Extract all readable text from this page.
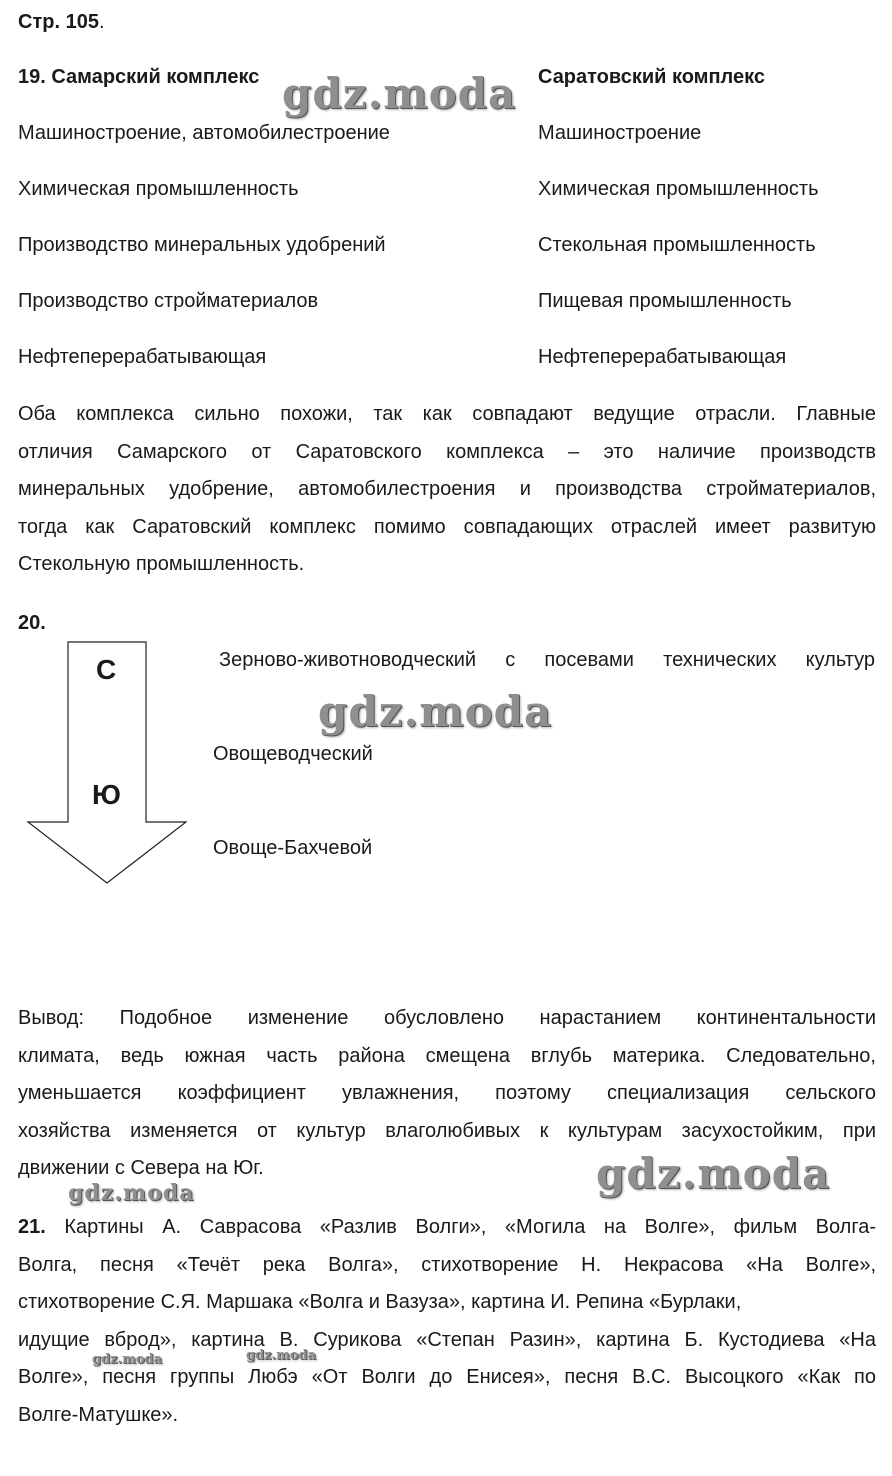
Стр. 105.
19. Самарский комплекс	Саратовский комплекс
Машиностроение, автомобилестроение
Химическая промышленность
Производство минеральных удобрений
Производство стройматериалов
Нефтеперерабатывающая
Машиностроение
Химическая промышленность
Стекольная промышленность
Пищевая промышленность
Нефтеперерабатывающая
Оба комплекса сильно похожи, так как совпадают ведущие отрасли. Главные
отличия Самарского от Саратовского комплекса – это наличие производств
минеральных удобрение, автомобилестроения и производства стройматериалов,
тогда как Саратовский комплекс помимо совпадающих отраслей имеет развитую
Стекольную промышленность.
20.
С
Ю
Зерново-животноводческий с посевами технических культур
Овощеводческий
Овоще-Бахчевой
Вывод: Подобное изменение обусловлено нарастанием континентальности
климата, ведь южная часть района смещена вглубь материка. Следовательно,
уменьшается коэффициент увлажнения, поэтому специализация сельского
хозяйства изменяется от культур влаголюбивых к культурам засухостойким, при
движении с Севера на Юг.
21. Картины А. Саврасова «Разлив Волги», «Могила на Волге», фильм Волга-
Волга, песня «Течёт река Волга», стихотворение Н. Некрасова «На Волге»,
стихотворение С.Я. Маршака «Волга и Вазуза», картина И. Репина «Бурлаки,
идущие вброд», картина В. Сурикова «Степан Разин», картина Б. Кустодиева «На
Волге», песня группы Любэ «От Волги до Енисея», песня В.С. Высоцкого «Как по
Волге-Матушке».
gdz.moda
gdz.moda
gdz.moda
gdz.moda
gdz.moda	gdz.moda
